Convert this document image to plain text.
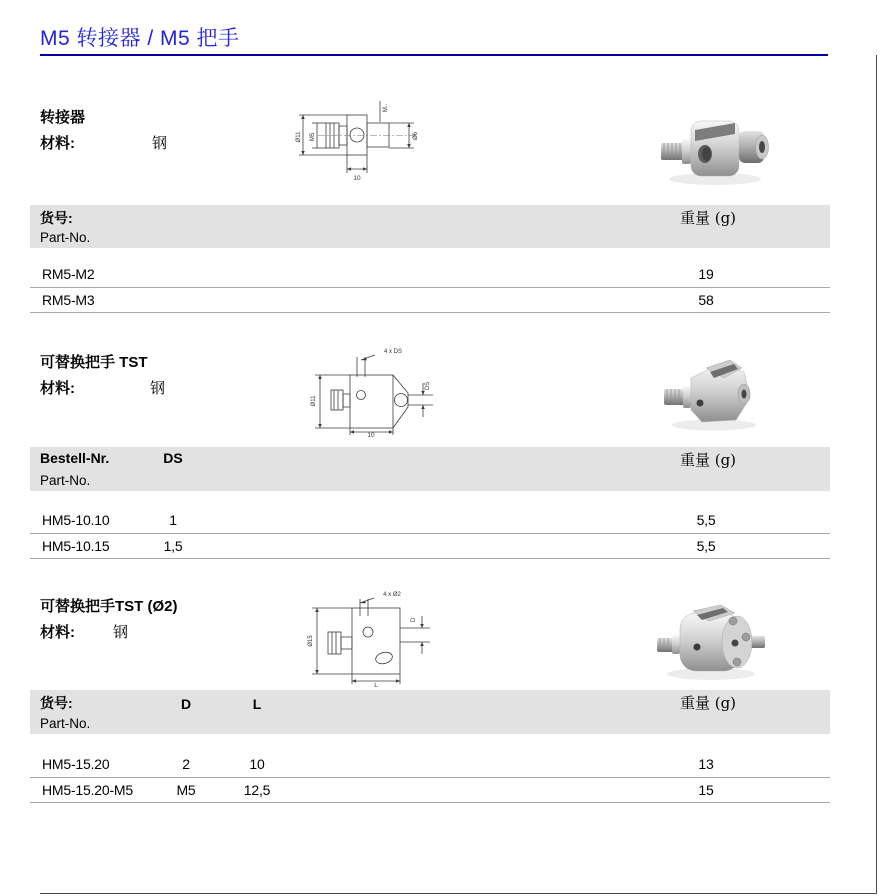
M5 转接器 / M5 把手
转接器
材料:	钢	Ø11 M5
M..
Ø6
10
货号:	重量 (g)
Part-No.
RM5-M2	19
RM5-M3	58
可替换把手 TST
材料:	钢
4 x DS
Ø11
DS
10
Bestell-Nr.	DS	重量 (g)
Part-No.
HM5-10.10	1	5,5
HM5-10.15	1,5	5,5
可替换把手TST (Ø2)
材料:	钢
4 x Ø2
Ø15
D
L
货号:	D	L	重量 (g)
Part-No.
HM5-15.20	2	10	13
HM5-15.20-M5	M5	12,5	15
